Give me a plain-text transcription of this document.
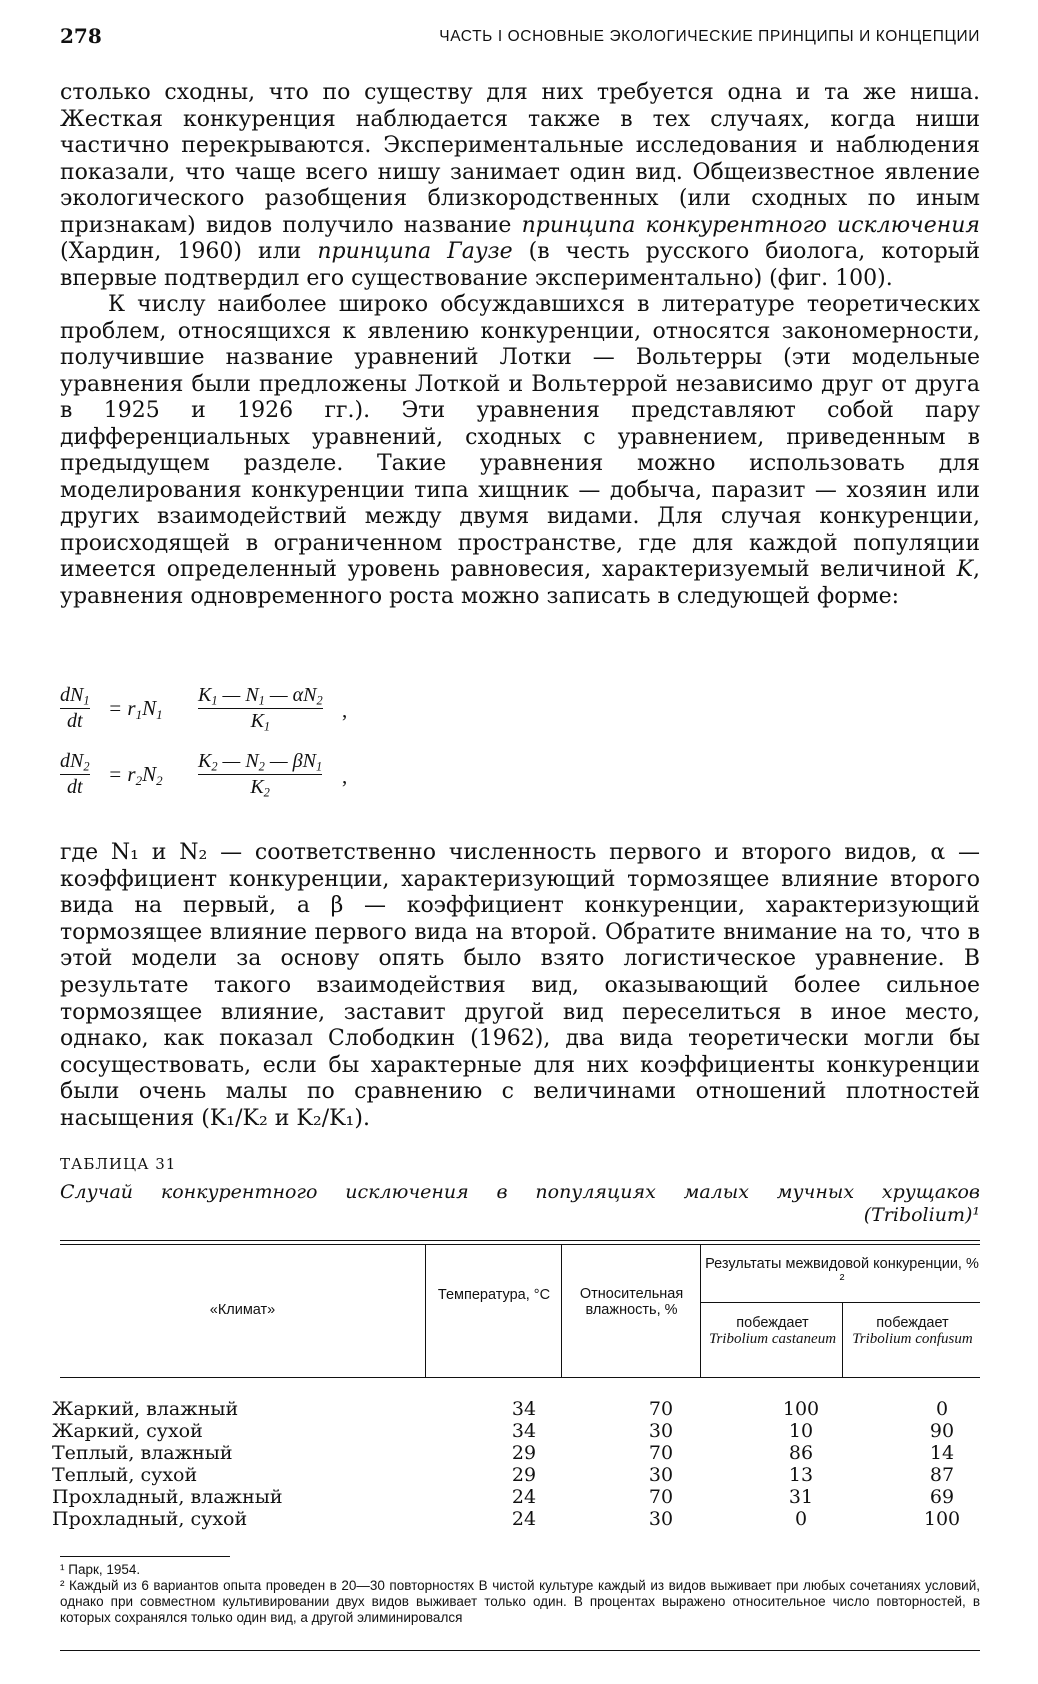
278	ЧАСТЬ I ОСНОВНЫЕ ЭКОЛОГИЧЕСКИЕ ПРИНЦИПЫ И КОНЦЕПЦИИ

столько сходны, что по существу для них требуется одна и та же ниша. Жесткая конкуренция наблюдается также в тех случаях, когда ниши частично перекрываются. Экспериментальные исследования и наблюдения показали, что чаще всего нишу занимает один вид. Общеизвестное явление экологического разобщения близкородственных (или сходных по иным признакам) видов получило название принципа конкурентного исключения (Хардин, 1960) или принципа Гаузе (в честь русского биолога, который впервые подтвердил его существование экспериментально) (фиг. 100).

К числу наиболее широко обсуждавшихся в литературе теоретических проблем, относящихся к явлению конкуренции, относятся закономерности, получившие название уравнений Лотки — Вольтерры (эти модельные уравнения были предложены Лоткой и Вольтеррой независимо друг от друга в 1925 и 1926 гг.). Эти уравнения представляют собой пару дифференциальных уравнений, сходных с уравнением, приведенным в предыдущем разделе. Такие уравнения можно использовать для моделирования конкуренции типа хищник — добыча, паразит — хозяин или других взаимодействий между двумя видами. Для случая конкуренции, происходящей в ограниченном пространстве, где для каждой популяции имеется определенный уровень равновесия, характеризуемый величиной K, уравнения одновременного роста можно записать в следующей форме:

$dN_1$
dt
= $r_1N_1$
$K_1$ — $N_1$ — $\alpha N_2$
$K_1$
,
$dN_2$
dt
= $r_2N_2$
$K_2$ — $N_2$ — $\beta N_1$
$K_2$
,

где N₁ и N₂ — соответственно численность первого и второго видов, α — коэффициент конкуренции, характеризующий тормозящее влияние второго вида на первый, а β — коэффициент конкуренции, характеризующий тормозящее влияние первого вида на второй. Обратите внимание на то, что в этой модели за основу опять было взято логистическое уравнение. В результате такого взаимодействия вид, оказывающий более сильное тормозящее влияние, заставит другой вид переселиться в иное место, однако, как показал Слободкин (1962), два вида теоретически могли бы сосуществовать, если бы характерные для них коэффициенты конкуренции были очень малы по сравнению с величинами отношений плотностей насыщения (K₁/K₂ и K₂/K₁).

ТАБЛИЦА 31
Случай конкурентного исключения в популяциях малых мучных хрущаков
(Tribolium)¹
«Климат»
Температура, °С	Относительная влажность, %
Результаты межвидовой конкуренции, % ²
побеждает
Tribolium castaneum
побеждает
Tribolium confusum
Жаркий, влажный	34	70	100	0
Жаркий, сухой	34	30	10	90
Теплый, влажный	29	70	86	14
Теплый, сухой	29	30	13	87
Прохладный, влажный	24	70	31	69
Прохладный, сухой	24	30	0	100
¹ Парк, 1954.
² Каждый из 6 вариантов опыта проведен в 20—30 повторностях В чистой культуре каждый из видов выживает при любых сочетаниях условий, однако при совместном культивировании двух видов выживает только один. В процентах выражено относительное число повторностей, в которых сохранялся только один вид, а другой элиминировался
